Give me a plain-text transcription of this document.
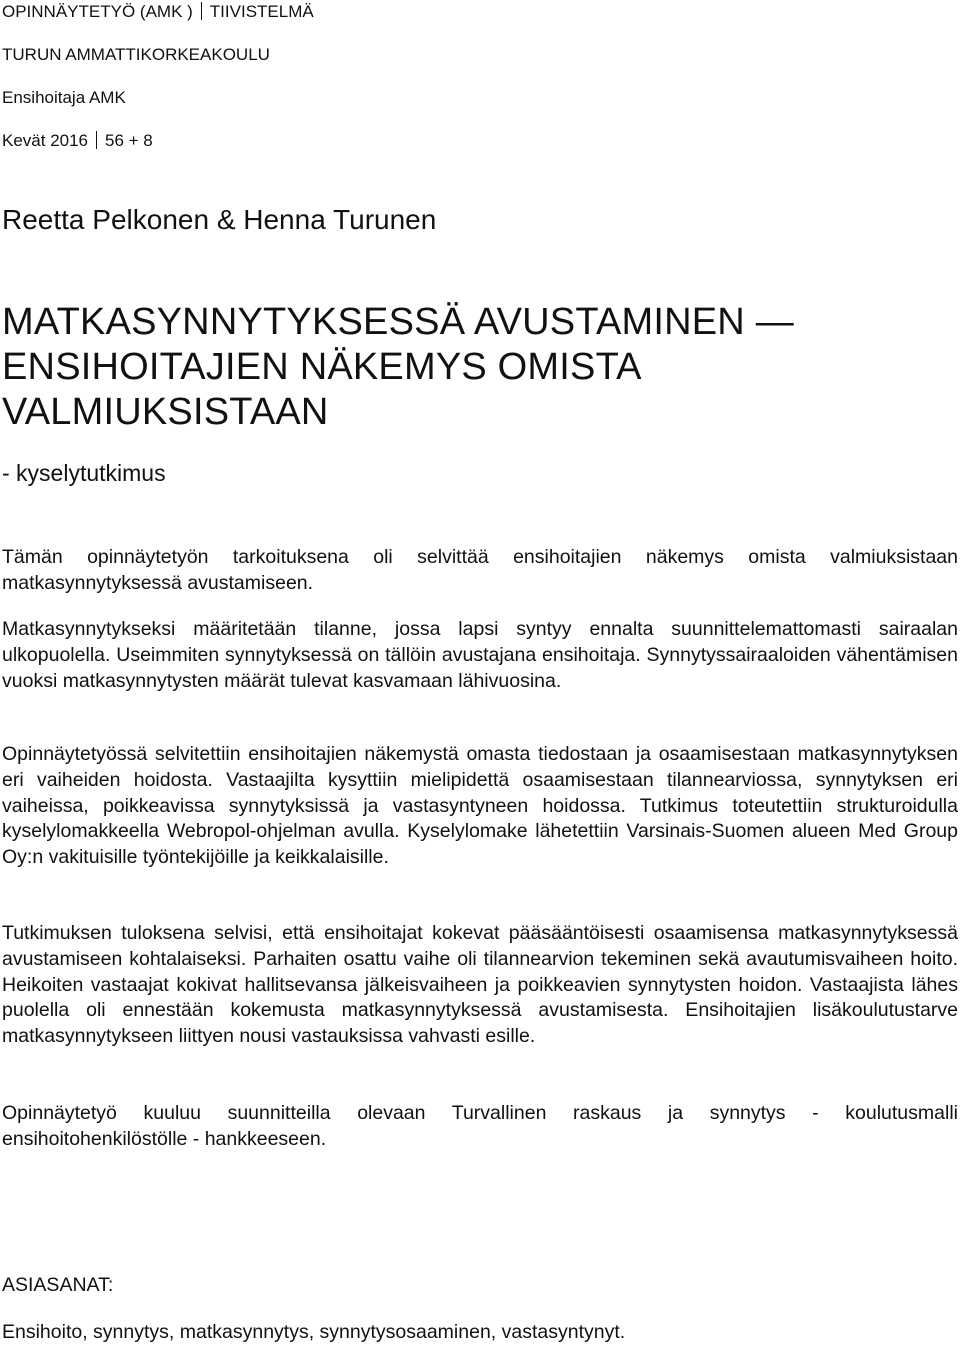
OPINNÄYTETYÖ (AMK ) TIIVISTELMÄ

TURUN AMMATTIKORKEAKOULU

Ensihoitaja AMK

Kevät 2016 56 + 8

Reetta Pelkonen & Henna Turunen
MATKASYNNYTYKSESSÄ AVUSTAMINEN —
ENSIHOITAJIEN NÄKEMYS OMISTA
VALMIUKSISTAAN

- kyselytutkimus

Tämän opinnäytetyön tarkoituksena oli selvittää ensihoitajien näkemys omista valmiuksistaan matkasynnytyksessä avustamiseen.

Matkasynnytykseksi määritetään tilanne, jossa lapsi syntyy ennalta suunnittelemattomasti sairaalan ulkopuolella. Useimmiten synnytyksessä on tällöin avustajana ensihoitaja. Synnytyssairaaloiden vähentämisen vuoksi matkasynnytysten määrät tulevat kasvamaan lähivuosina.

Opinnäytetyössä selvitettiin ensihoitajien näkemystä omasta tiedostaan ja osaamisestaan matkasynnytyksen eri vaiheiden hoidosta. Vastaajilta kysyttiin mielipidettä osaamisestaan tilannearviossa, synnytyksen eri vaiheissa, poikkeavissa synnytyksissä ja vastasyntyneen hoidossa. Tutkimus toteutettiin strukturoidulla kyselylomakkeella Webropol-ohjelman avulla. Kyselylomake lähetettiin Varsinais-Suomen alueen Med Group Oy:n vakituisille työntekijöille ja keikkalaisille.

Tutkimuksen tuloksena selvisi, että ensihoitajat kokevat pääsääntöisesti osaamisensa matkasynnytyksessä avustamiseen kohtalaiseksi. Parhaiten osattu vaihe oli tilannearvion tekeminen sekä avautumisvaiheen hoito. Heikoiten vastaajat kokivat hallitsevansa jälkeisvaiheen ja poikkeavien synnytysten hoidon. Vastaajista lähes puolella oli ennestään kokemusta matkasynnytyksessä avustamisesta. Ensihoitajien lisäkoulutustarve matkasynnytykseen liittyen nousi vastauksissa vahvasti esille.

Opinnäytetyö kuuluu suunnitteilla olevaan Turvallinen raskaus ja synnytys - koulutusmalli ensihoitohenkilöstölle - hankkeeseen.

ASIASANAT:

Ensihoito, synnytys, matkasynnytys, synnytysosaaminen, vastasyntynyt.
